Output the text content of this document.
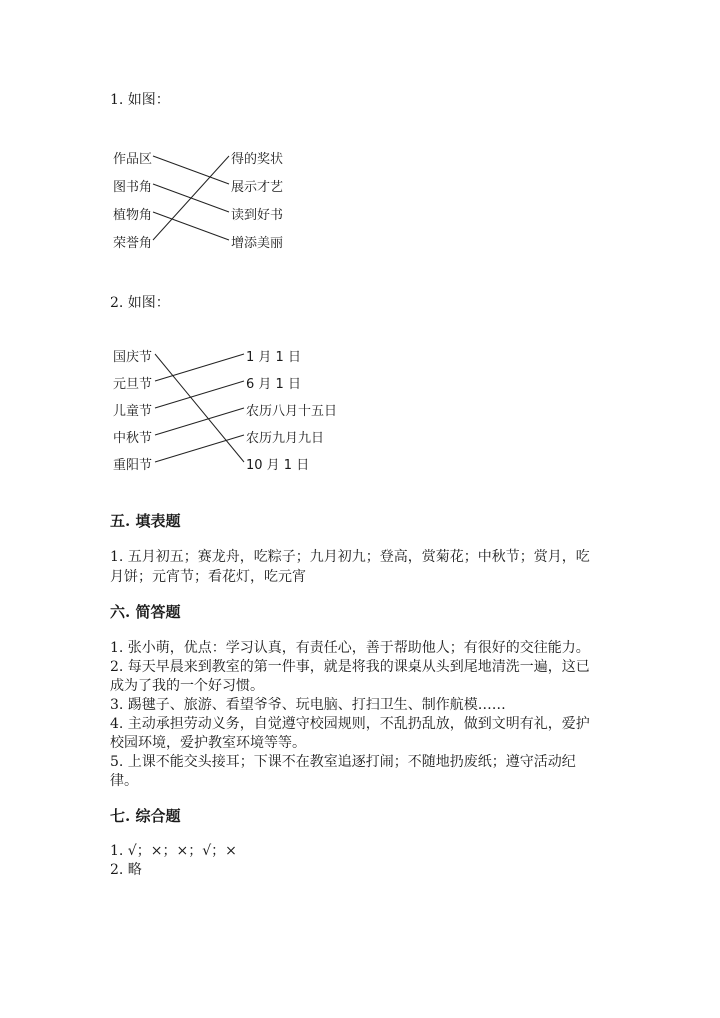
1. 如图：
作品区
图书角
植物角
荣誉角
得的奖状
展示才艺
读到好书
增添美丽
2. 如图：
国庆节
元旦节
儿童节
中秋节
重阳节
1 月 1 日
6 月 1 日
农历八月十五日
农历九月九日
10 月 1 日
五. 填表题
1. 五月初五；赛龙舟，吃粽子；九月初九；登高，赏菊花；中秋节；赏月，吃
月饼；元宵节；看花灯，吃元宵
六. 简答题
1. 张小萌，优点：学习认真，有责任心，善于帮助他人；有很好的交往能力。
2. 每天早晨来到教室的第一件事，就是将我的课桌从头到尾地清洗一遍，这已
成为了我的一个好习惯。
3. 踢毽子、旅游、看望爷爷、玩电脑、打扫卫生、制作航模……
4. 主动承担劳动义务，自觉遵守校园规则，不乱扔乱放，做到文明有礼，爱护
校园环境，爱护教室环境等等。
5. 上课不能交头接耳；下课不在教室追逐打闹；不随地扔废纸；遵守活动纪
律。
七. 综合题
1. √；×；×；√；×
2. 略
